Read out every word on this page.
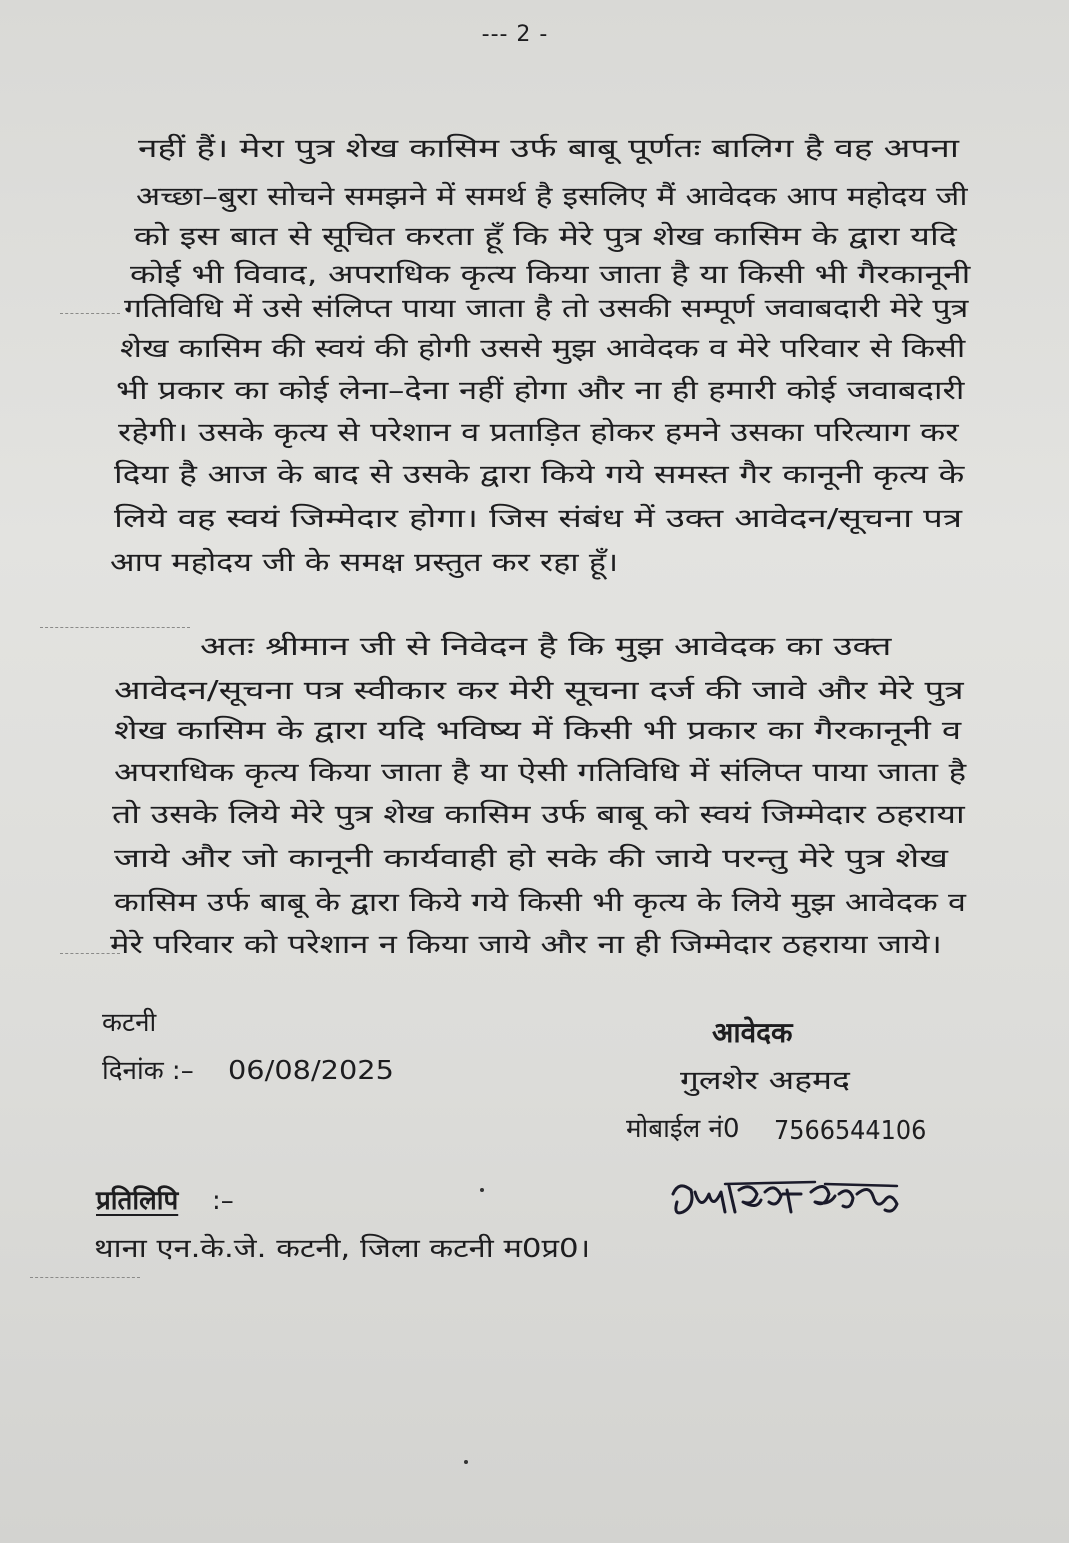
--- 2 -
नहीं हैं। मेरा पुत्र शेख कासिम उर्फ बाबू पूर्णतः बालिग है वह अपना
अच्छा–बुरा सोचने समझने में समर्थ है इसलिए मैं आवेदक आप महोदय जी
को इस बात से सूचित करता हूँ कि मेरे पुत्र शेख कासिम के द्वारा यदि
कोई भी विवाद, अपराधिक कृत्य किया जाता है या किसी भी गैरकानूनी
गतिविधि में उसे संलिप्त पाया जाता है तो उसकी सम्पूर्ण जवाबदारी मेरे पुत्र
शेख कासिम की स्वयं की होगी उससे मुझ आवेदक व मेरे परिवार से किसी
भी प्रकार का कोई लेना–देना नहीं होगा और ना ही हमारी कोई जवाबदारी
रहेगी। उसके कृत्य से परेशान व प्रताड़ित होकर हमने उसका परित्याग कर
दिया है आज के बाद से उसके द्वारा किये गये समस्त गैर कानूनी कृत्य के
लिये वह स्वयं जिम्मेदार होगा। जिस संबंध में उक्त आवेदन/सूचना पत्र
आप महोदय जी के समक्ष प्रस्तुत कर रहा हूँ।
अतः श्रीमान जी से निवेदन है कि मुझ आवेदक का उक्त
आवेदन/सूचना पत्र स्वीकार कर मेरी सूचना दर्ज की जावे और मेरे पुत्र
शेख कासिम के द्वारा यदि भविष्य में किसी भी प्रकार का गैरकानूनी व
अपराधिक कृत्य किया जाता है या ऐसी गतिविधि में संलिप्त पाया जाता है
तो उसके लिये मेरे पुत्र शेख कासिम उर्फ बाबू को स्वयं जिम्मेदार ठहराया
जाये और जो कानूनी कार्यवाही हो सके की जाये परन्तु मेरे पुत्र शेख
कासिम उर्फ बाबू के द्वारा किये गये किसी भी कृत्य के लिये मुझ आवेदक व
मेरे परिवार को परेशान न किया जाये और ना ही जिम्मेदार ठहराया जाये।
कटनी
दिनांक :– 06/08/2025
आवेदक
गुलशेर अहमद
मोबाईल नं0 7566544106
प्रतिलिपि :–
थाना एन.के.जे. कटनी, जिला कटनी म0प्र0।
